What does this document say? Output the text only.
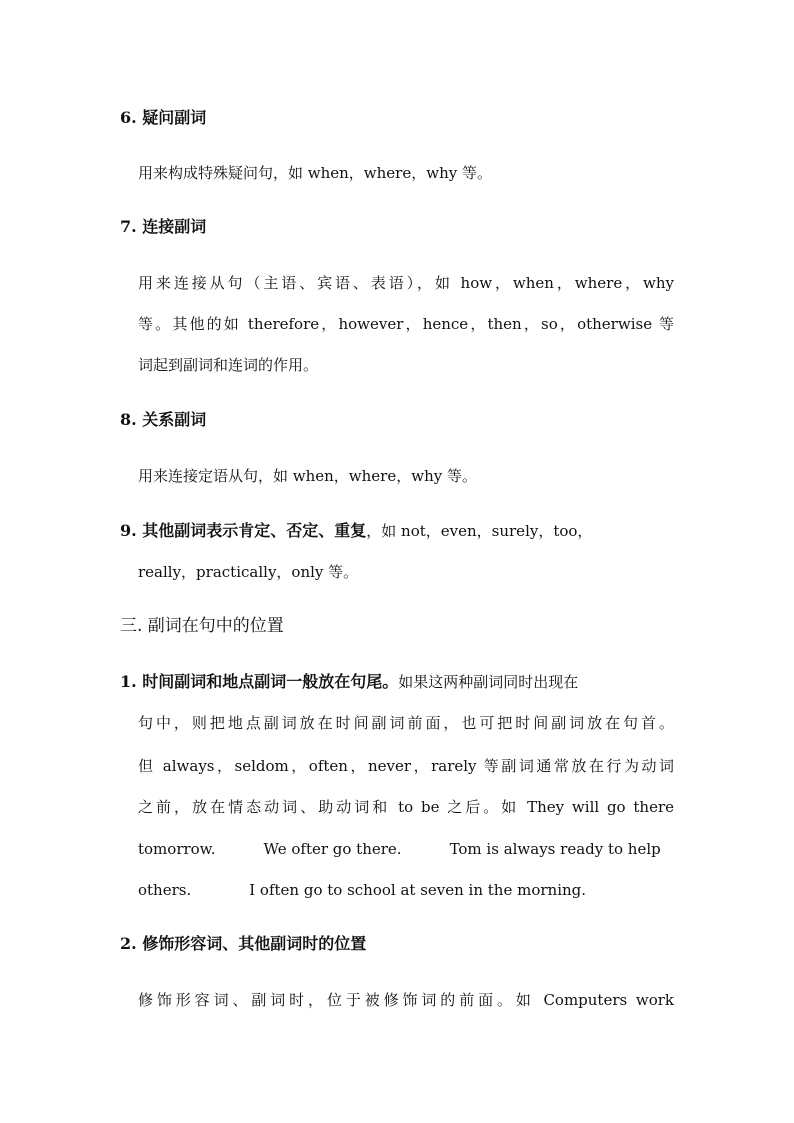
6. 疑问副词
用来构成特殊疑问句，如 when，where，why 等。
7. 连接副词
用来连接从句（主语、宾语、表语），如 how，when，where，why
等。其他的如 therefore，however，hence，then，so，otherwise 等
词起到副词和连词的作用。
8. 关系副词
用来连接定语从句，如 when，where，why 等。
9. 其他副词表示肯定、否定、重复，如 not，even，surely，too，
really，practically，only 等。
三. 副词在句中的位置
1. 时间副词和地点副词一般放在句尾。如果这两种副词同时出现在
句中，则把地点副词放在时间副词前面，也可把时间副词放在句首。
但 always，seldom，often，never，rarely 等副词通常放在行为动词
之前，放在情态动词、助动词和 to be 之后。如 They will go there
tomorrow.	We ofter go there.	Tom is always ready to help
others.	I often go to school at seven in the morning.
2. 修饰形容词、其他副词时的位置
修饰形容词、副词时，位于被修饰词的前面。如 Computers work
